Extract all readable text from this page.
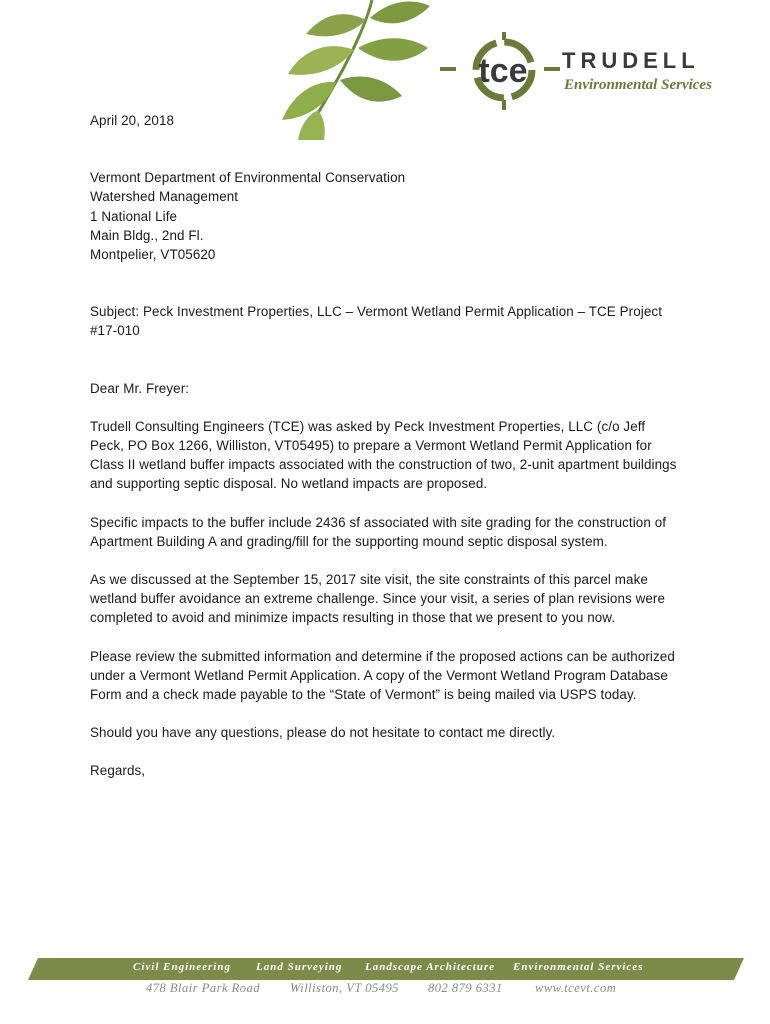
tce TRUDELL
Environmental Services

April 20, 2018

Vermont Department of Environmental Conservation
Watershed Management
1 National Life
Main Bldg., 2nd Fl.
Montpelier, VT05620

Subject: Peck Investment Properties, LLC – Vermont Wetland Permit Application – TCE Project #17-010

Dear Mr. Freyer:

Trudell Consulting Engineers (TCE) was asked by Peck Investment Properties, LLC (c/o Jeff Peck, PO Box 1266, Williston, VT05495) to prepare a Vermont Wetland Permit Application for Class II wetland buffer impacts associated with the construction of two, 2-unit apartment buildings and supporting septic disposal. No wetland impacts are proposed.

Specific impacts to the buffer include 2436 sf associated with site grading for the construction of Apartment Building A and grading/fill for the supporting mound septic disposal system.

As we discussed at the September 15, 2017 site visit, the site constraints of this parcel make wetland buffer avoidance an extreme challenge. Since your visit, a series of plan revisions were completed to avoid and minimize impacts resulting in those that we present to you now.

Please review the submitted information and determine if the proposed actions can be authorized under a Vermont Wetland Permit Application. A copy of the Vermont Wetland Program Database Form and a check made payable to the “State of Vermont” is being mailed via USPS today.

Should you have any questions, please do not hesitate to contact me directly.

Regards,

Civil Engineering Land Surveying Landscape Architecture Environmental Services
478 Blair Park Road Williston, VT 05495 802 879 6331	www.tcevt.com
